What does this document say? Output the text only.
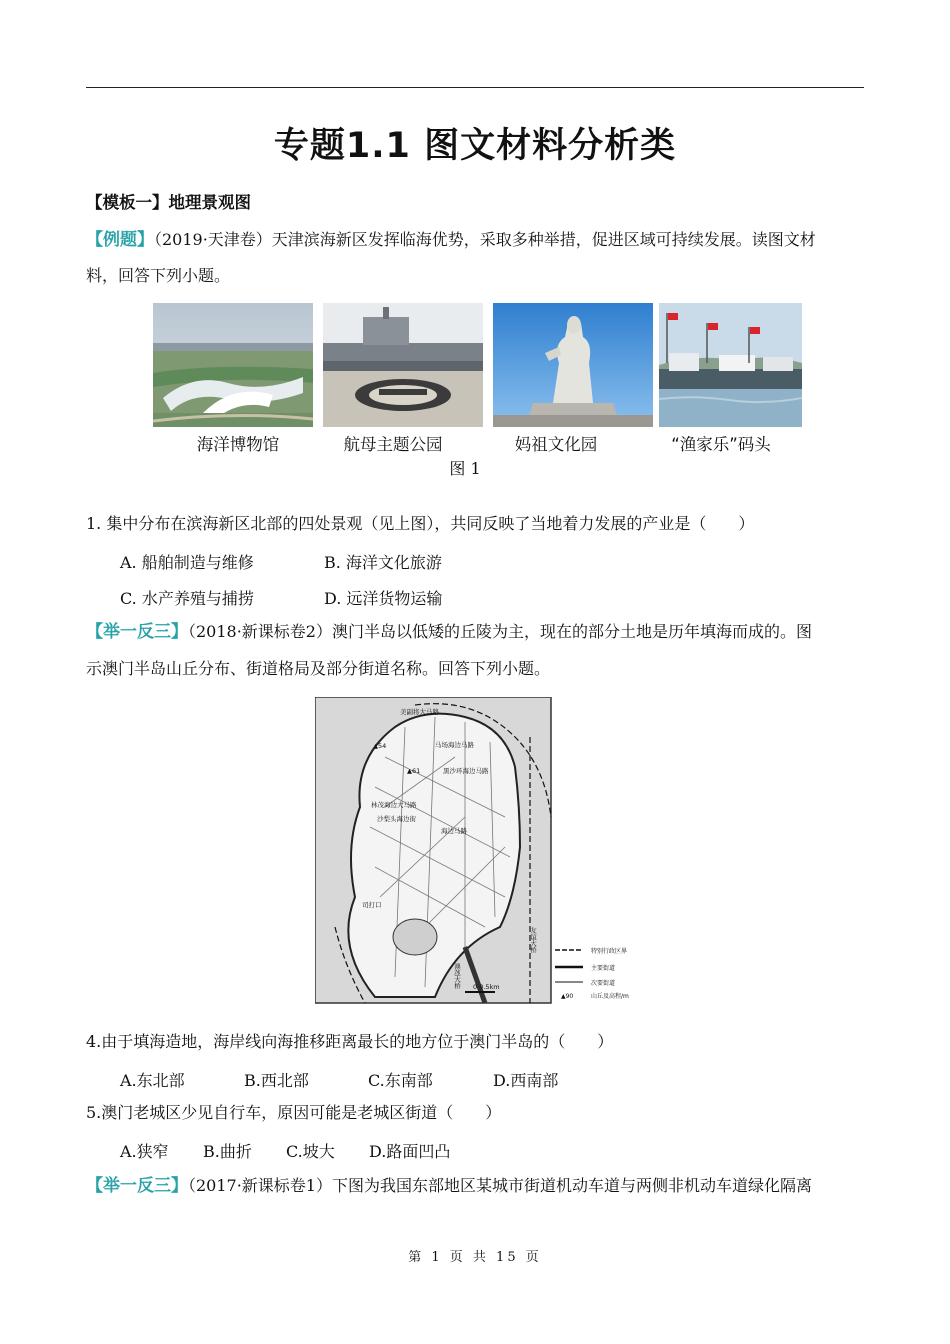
专题1.1 图文材料分析类
【模板一】地理景观图
【例题】（2019·天津卷）天津滨海新区发挥临海优势，采取多种举措，促进区域可持续发展。读图文材
料，回答下列小题。
海洋博物馆	航母主题公园	妈祖文化园	“渔家乐”码头
图 1
1. 集中分布在滨海新区北部的四处景观（见上图），共同反映了当地着力发展的产业是（　　）
A. 船舶制造与维修	B. 海洋文化旅游
C. 水产养殖与捕捞	D. 远洋货物运输
【举一反三】（2018·新课标卷2）澳门半岛以低矮的丘陵为主，现在的部分土地是历年填海而成的。图
示澳门半岛山丘分布、街道格局及部分街道名称。回答下列小题。
美副将大马路
马场海边马路
黑沙环海边马路
林茂海边大马路
沙梨头海边街
海边马路
司打口
友谊大桥
澳氹大桥
▲54
▲61
0 0.5km
特别行政区界
主要街道
次要街道
▲90	山丘及高程/m
4.由于填海造地，海岸线向海推移距离最长的地方位于澳门半岛的（　　）
A.东北部	B.西北部	C.东南部	D.西南部
5.澳门老城区少见自行车，原因可能是老城区街道（　　）
A.狭窄 B.曲折 C.坡大 D.路面凹凸
【举一反三】（2017·新课标卷1）下图为我国东部地区某城市街道机动车道与两侧非机动车道绿化隔离
第 1 页 共 15 页
